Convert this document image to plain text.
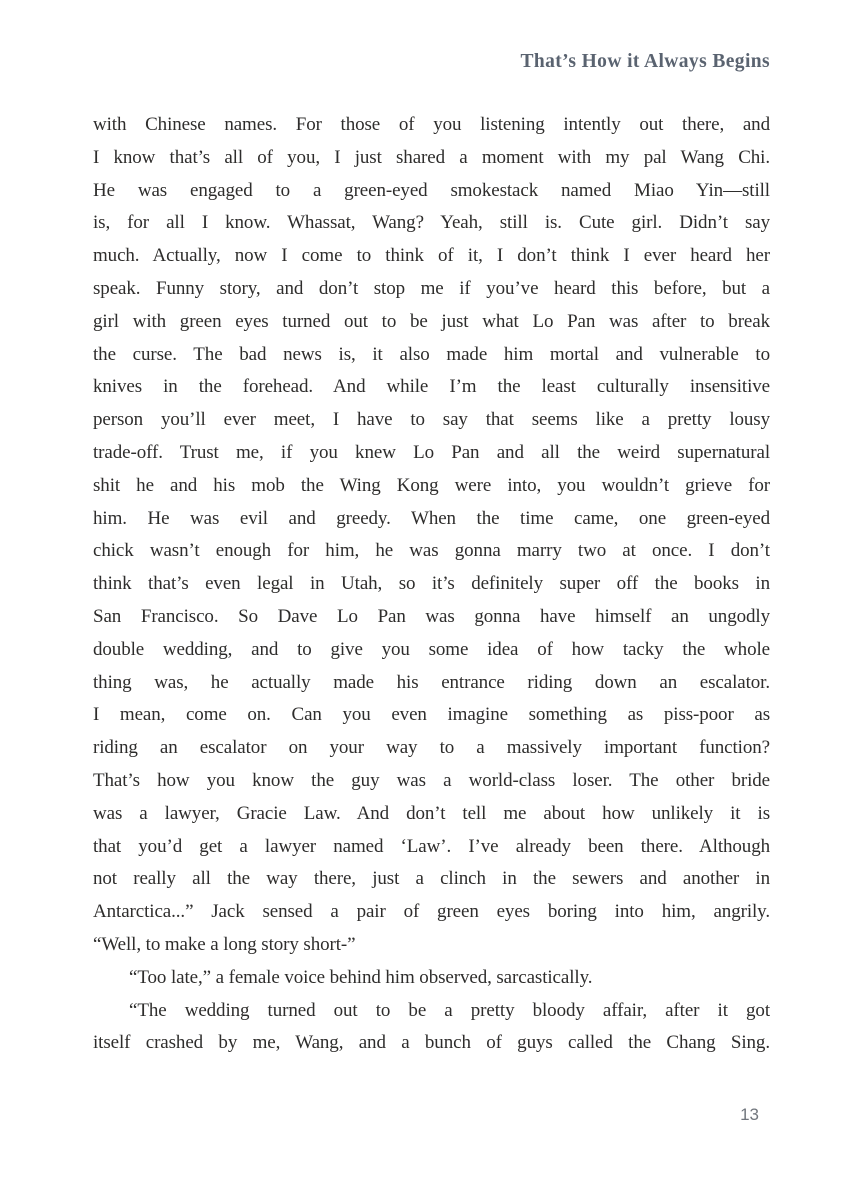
That’s How it Always Begins
with Chinese names. For those of you listening intently out there, and
I know that’s all of you, I just shared a moment with my pal Wang Chi.
He was engaged to a green-eyed smokestack named Miao Yin—still
is, for all I know. Whassat, Wang? Yeah, still is. Cute girl. Didn’t say
much. Actually, now I come to think of it, I don’t think I ever heard her
speak. Funny story, and don’t stop me if you’ve heard this before, but a
girl with green eyes turned out to be just what Lo Pan was after to break
the curse. The bad news is, it also made him mortal and vulnerable to
knives in the forehead. And while I’m the least culturally insensitive
person you’ll ever meet, I have to say that seems like a pretty lousy
trade-off. Trust me, if you knew Lo Pan and all the weird supernatural
shit he and his mob the Wing Kong were into, you wouldn’t grieve for
him. He was evil and greedy. When the time came, one green-eyed
chick wasn’t enough for him, he was gonna marry two at once. I don’t
think that’s even legal in Utah, so it’s definitely super off the books in
San Francisco. So Dave Lo Pan was gonna have himself an ungodly
double wedding, and to give you some idea of how tacky the whole
thing was, he actually made his entrance riding down an escalator.
I mean, come on. Can you even imagine something as piss-poor as
riding an escalator on your way to a massively important function?
That’s how you know the guy was a world-class loser. The other bride
was a lawyer, Gracie Law. And don’t tell me about how unlikely it is
that you’d get a lawyer named ‘Law’. I’ve already been there. Although
not really all the way there, just a clinch in the sewers and another in
Antarctica...” Jack sensed a pair of green eyes boring into him, angrily.
“Well, to make a long story short-”
“Too late,” a female voice behind him observed, sarcastically.
“The wedding turned out to be a pretty bloody affair, after it got
itself crashed by me, Wang, and a bunch of guys called the Chang Sing.
13
